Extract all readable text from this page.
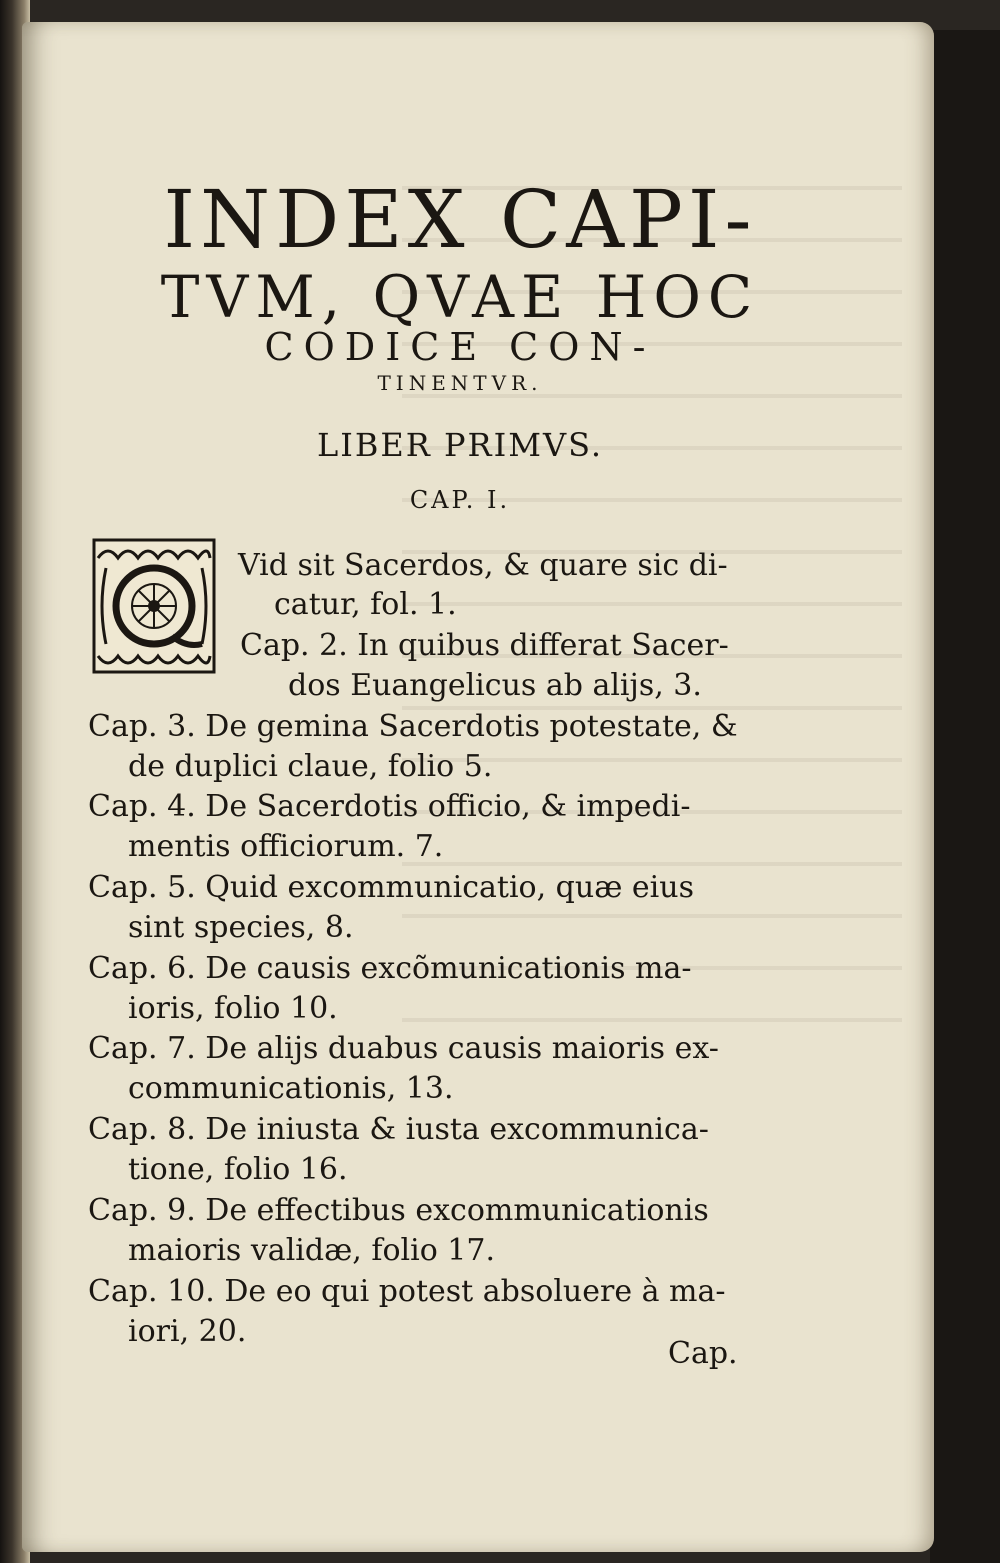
INDEX CAPI-
TVM, QVAE HOC
CODICE CON-
TINENTVR.
LIBER PRIMVS.
CAP. I.
Vid sit Sacerdos, & quare sic di-
catur, fol. 1.
Cap. 2. In quibus differat Sacer-
dos Euangelicus ab alijs, 3.
Cap. 3. De gemina Sacerdotis potestate, &
de duplici claue, folio 5.
Cap. 4. De Sacerdotis officio, & impedi-
mentis officiorum. 7.
Cap. 5. Quid excommunicatio, quæ eius
sint species, 8.
Cap. 6. De causis excõmunicationis ma-
ioris, folio 10.
Cap. 7. De alijs duabus causis maioris ex-
communicationis, 13.
Cap. 8. De iniusta & iusta excommunica-
tione, folio 16.
Cap. 9. De effectibus excommunicationis
maioris validæ, folio 17.
Cap. 10. De eo qui potest absoluere à ma-
iori, 20.
Cap.
